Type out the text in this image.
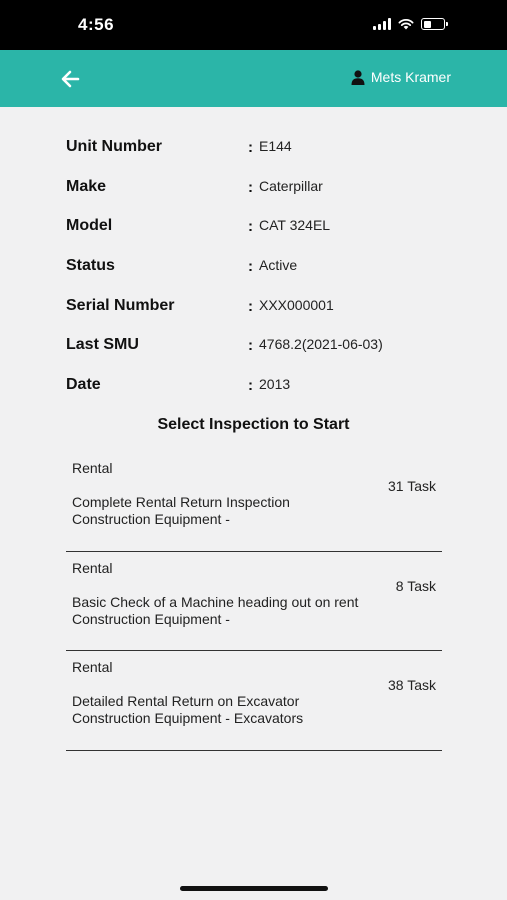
4:56
Mets Kramer
Unit Number	: E144
Make	: Caterpillar
Model	: CAT 324EL
Status	: Active
Serial Number	: XXX000001
Last SMU	: 4768.2(2021-06-03)
Date	: 2013
Select Inspection to Start
Rental
31 Task
Complete Rental Return Inspection
Construction Equipment -
Rental
8 Task
Basic Check of a Machine heading out on rent
Construction Equipment -
Rental
38 Task
Detailed Rental Return on Excavator
Construction Equipment - Excavators
